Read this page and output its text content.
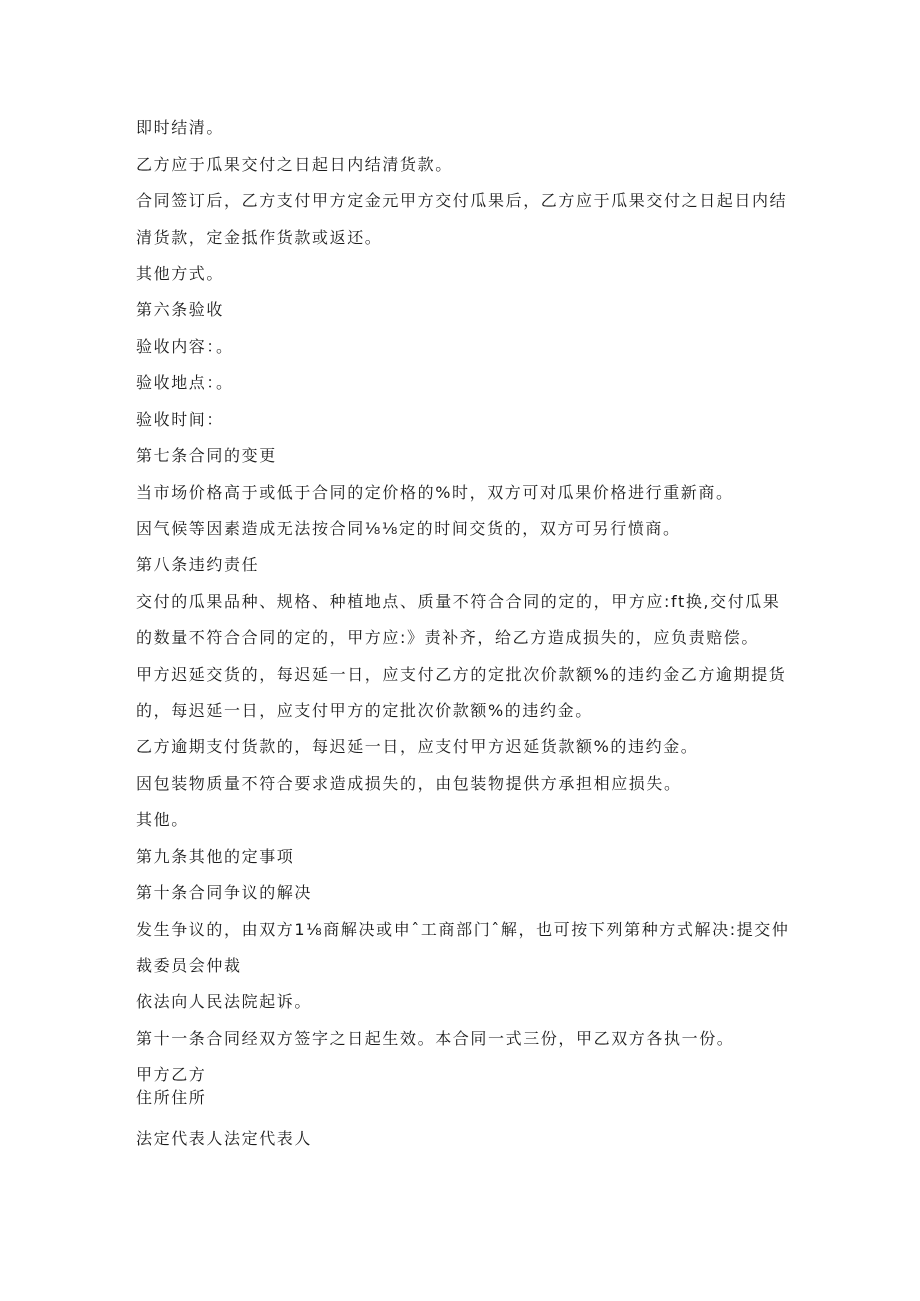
即时结清。
乙方应于瓜果交付之日起日内结清货款。
合同签订后，乙方支付甲方定金元甲方交付瓜果后，乙方应于瓜果交付之日起日内结
清货款，定金抵作货款或返还。
其他方式。
第六条验收
验收内容：。
验收地点：。
验收时间：
第七条合同的变更
当市场价格高于或低于合同的定价格的%时，双方可对瓜果价格进行重新商。
因气候等因素造成无法按合同⅛⅛定的时间交货的，双方可另行愤商。
第八条违约责任
交付的瓜果品种、规格、种植地点、质量不符合合同的定的，甲方应:ft换,交付瓜果
的数量不符合合同的定的，甲方应:》责补齐，给乙方造成损失的，应负责赔偿。
甲方迟延交货的，每迟延一日，应支付乙方的定批次价款额%的违约金乙方逾期提货
的，每迟延一日，应支付甲方的定批次价款额%的违约金。
乙方逾期支付货款的，每迟延一日，应支付甲方迟延货款额%的违约金。
因包装物质量不符合要求造成损失的，由包装物提供方承担相应损失。
其他。
第九条其他的定事项
第十条合同争议的解决
发生争议的，由双方1⅛商解决或申ˆ工商部门ˆ解，也可按下列第种方式解决:提交仲
裁委员会仲裁
依法向人民法院起诉。
第十一条合同经双方签字之日起生效。本合同一式三份，甲乙双方各执一份。
甲方乙方
住所住所
法定代表人法定代表人
